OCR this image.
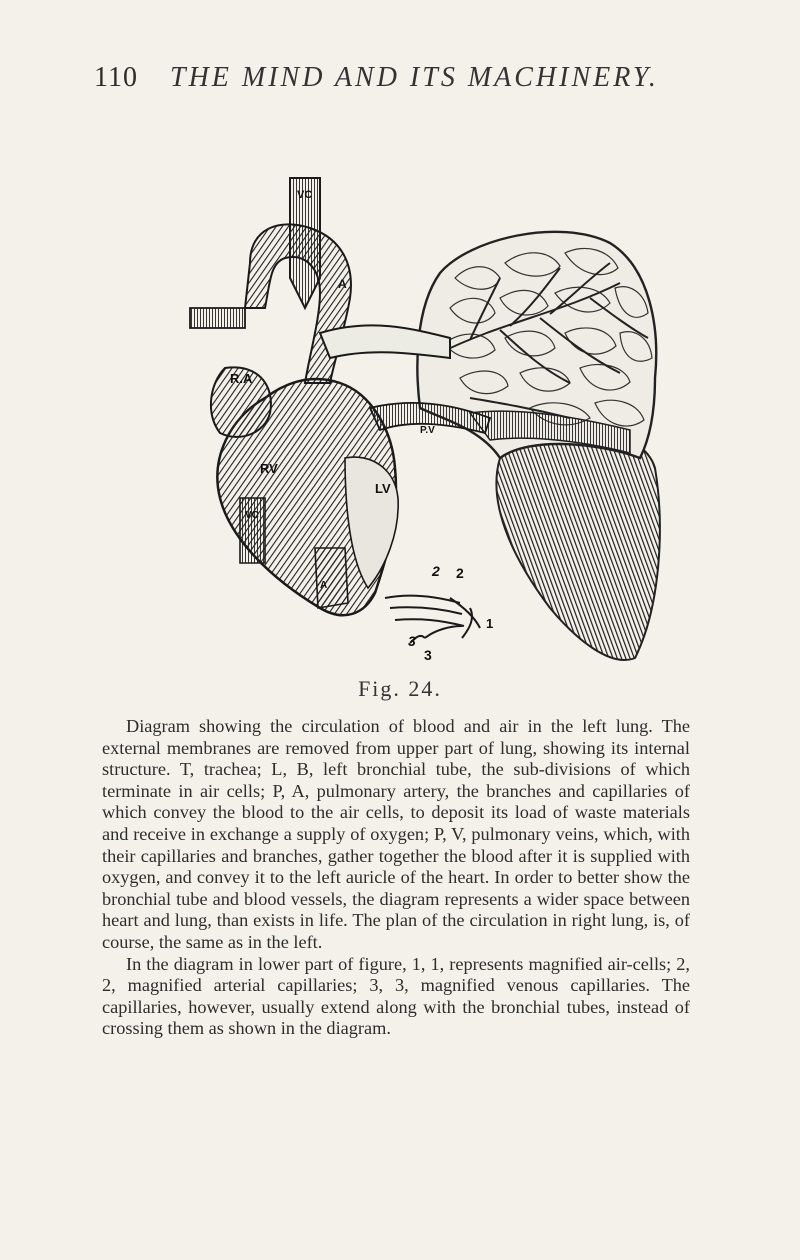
110 THE MIND AND ITS MACHINERY.
VC
A
R.A
RV
LV
P.V
VC
A
2 2
1
3
3
Fig. 24.

Diagram showing the circulation of blood and air in the left lung. The external membranes are removed from upper part of lung, showing its internal structure. T, trachea; L, B, left bronchial tube, the sub-divisions of which terminate in air cells; P, A, pulmonary artery, the branches and capillaries of which convey the blood to the air cells, to deposit its load of waste materials and receive in exchange a supply of oxygen; P, V, pulmonary veins, which, with their capillaries and branches, gather together the blood after it is supplied with oxygen, and convey it to the left auricle of the heart. In order to better show the bronchial tube and blood vessels, the diagram represents a wider space between heart and lung, than exists in life. The plan of the circulation in right lung, is, of course, the same as in the left.

In the diagram in lower part of figure, 1, 1, represents magnified air-cells; 2, 2, magnified arterial capillaries; 3, 3, magnified venous capillaries. The capillaries, however, usually extend along with the bronchial tubes, instead of crossing them as shown in the diagram.
